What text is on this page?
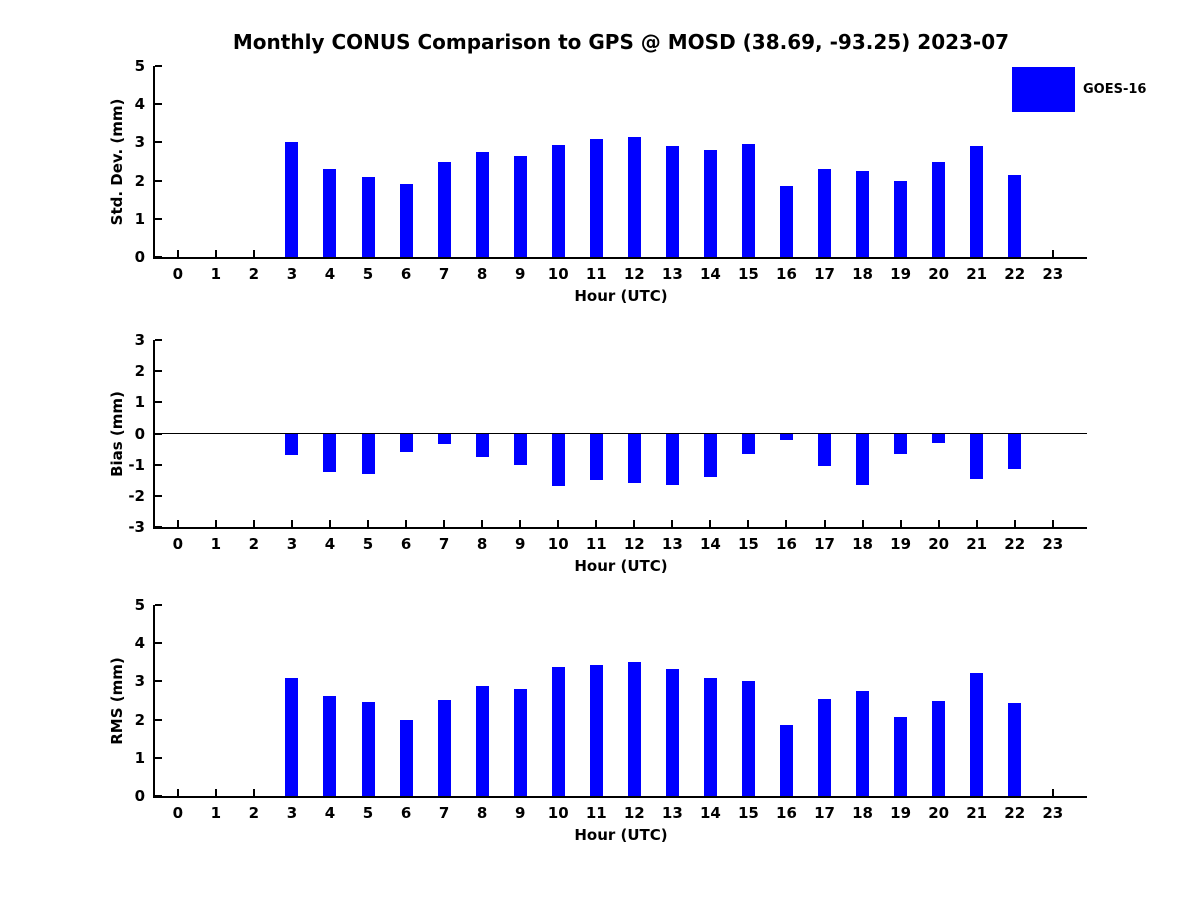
Monthly CONUS Comparison to GPS @ MOSD (38.69, -93.25) 2023-07
GOES-16
0
1
2
3
4
5
0 1 2 3 4 5 6 7 8 9 10 11 12 13 14 15 16 17 18 19 20 21 22 23
Std. Dev. (mm)
Hour (UTC)
-3
-2
-1
0
1
2
3
0 1 2 3 4 5 6 7 8 9 10 11 12 13 14 15 16 17 18 19 20 21 22 23
Bias (mm)
Hour (UTC)
0
1
2
3
4
5
0 1 2 3 4 5 6 7 8 9 10 11 12 13 14 15 16 17 18 19 20 21 22 23
RMS (mm)
Hour (UTC)
